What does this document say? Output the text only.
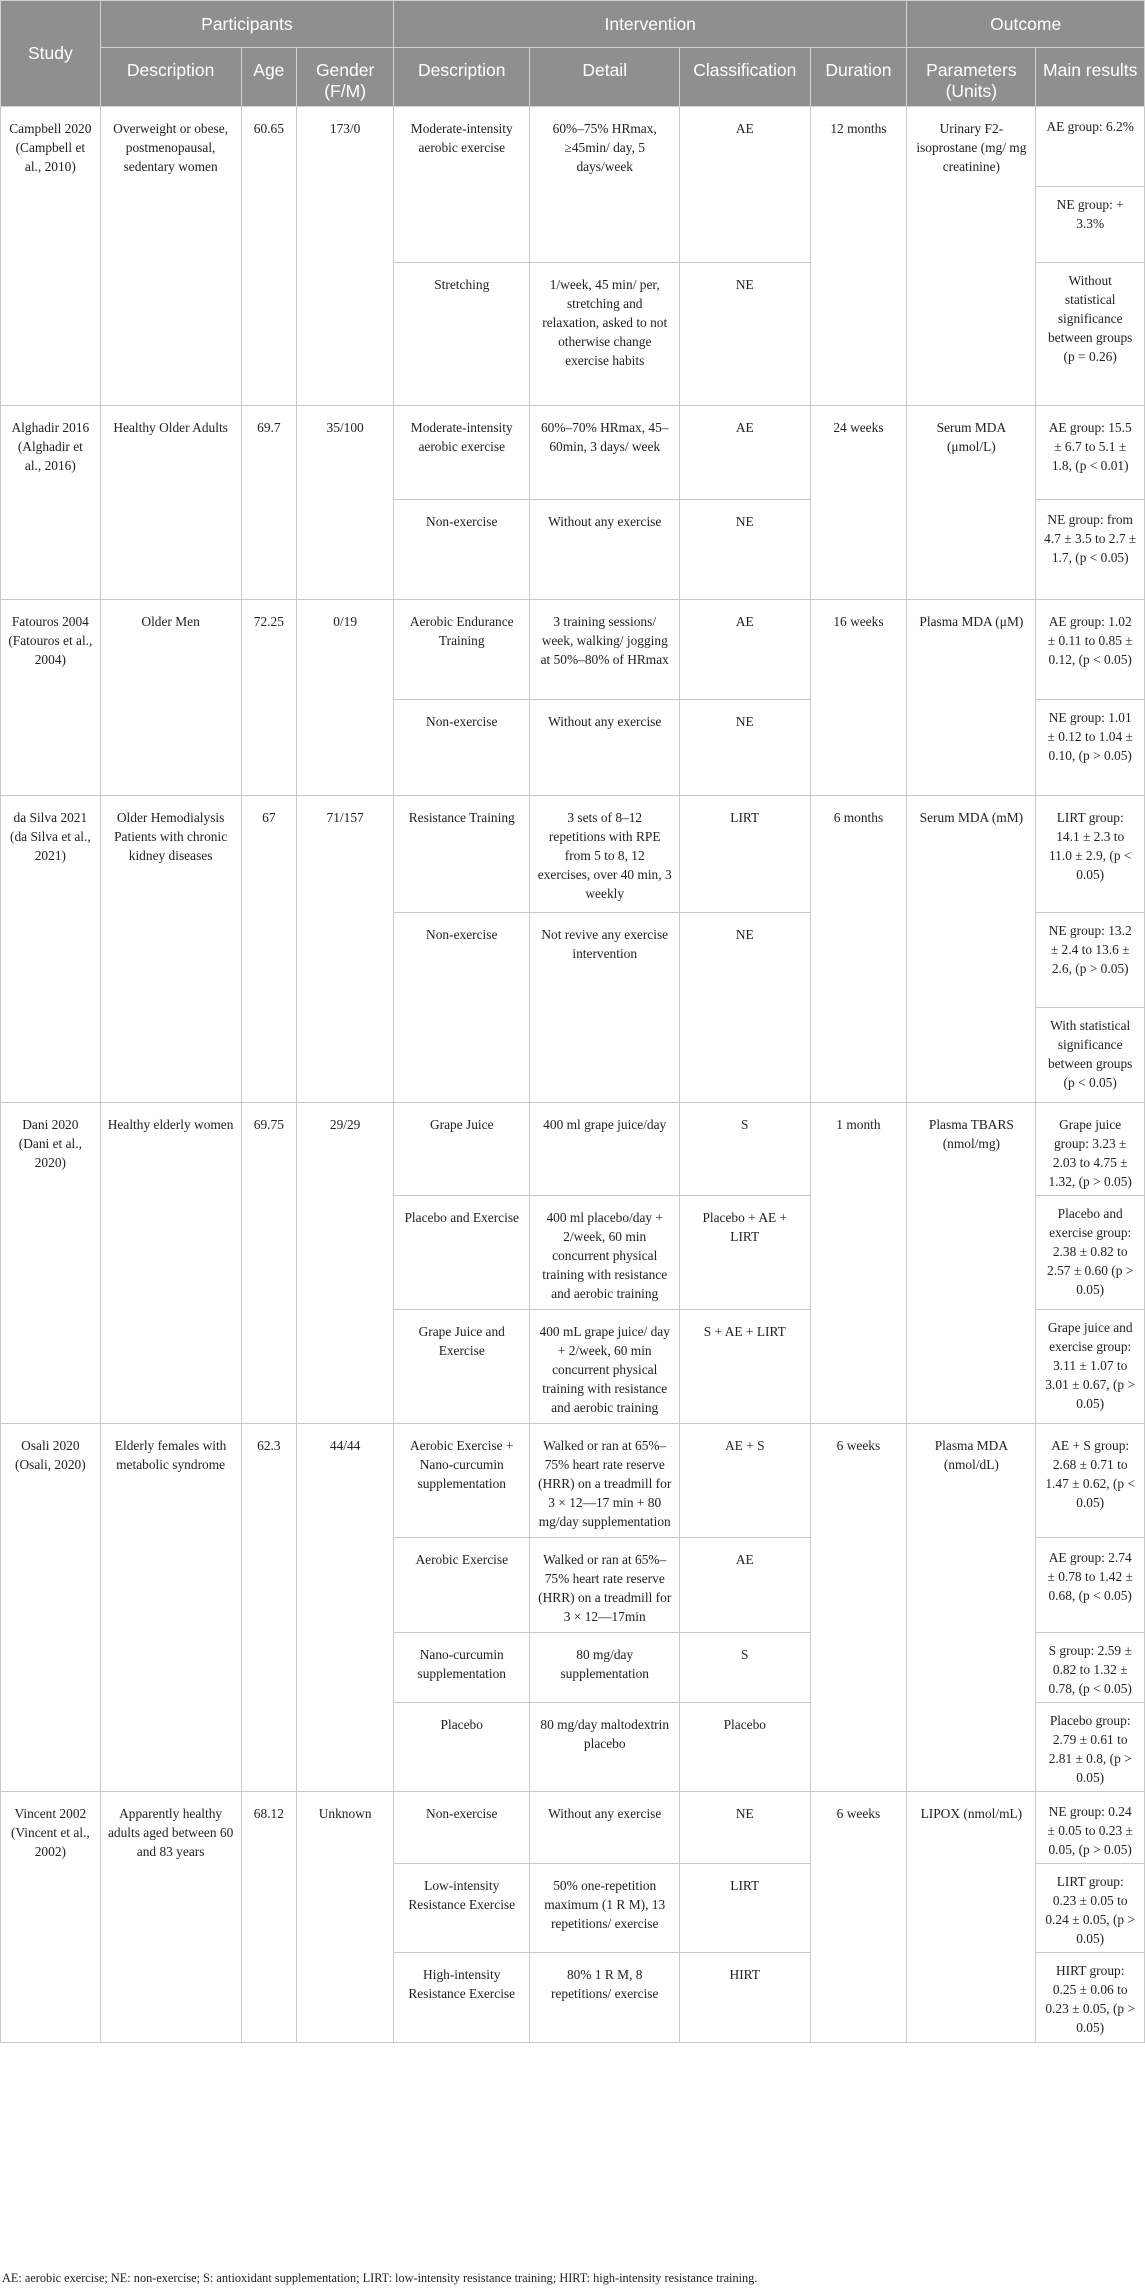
Study	Participants			Intervention				Outcome	
	Description	Age	Gender (F/M)	Description	Detail	Classification	Duration	Parameters (Units)	Main results
Campbell 2020 (Campbell et al., 2010)	Overweight or obese, postmenopausal, sedentary women	60.65	173/0	Moderate-intensity aerobic exercise	60%–75% HRmax, ≥45min/ day, 5 days/week	AE	12 months	Urinary F2-isoprostane (mg/ mg creatinine)	AE group: 6.2%
									NE group: + 3.3%
				Stretching	1/week, 45 min/ per, stretching and relaxation, asked to not otherwise change exercise habits	NE			Without statistical significance between groups (p = 0.26)
Alghadir 2016 (Alghadir et al., 2016)	Healthy Older Adults	69.7	35/100	Moderate-intensity aerobic exercise	60%–70% HRmax, 45–60min, 3 days/ week	AE	24 weeks	Serum MDA (μmol/L)	AE group: 15.5 ± 6.7 to 5.1 ± 1.8, (p < 0.01)
				Non-exercise	Without any exercise	NE			NE group: from 4.7 ± 3.5 to 2.7 ± 1.7, (p < 0.05)
Fatouros 2004 (Fatouros et al., 2004)	Older Men	72.25	0/19	Aerobic Endurance Training	3 training sessions/ week, walking/ jogging at 50%–80% of HRmax	AE	16 weeks	Plasma MDA (μM)	AE group: 1.02 ± 0.11 to 0.85 ± 0.12, (p < 0.05)
				Non-exercise	Without any exercise	NE			NE group: 1.01 ± 0.12 to 1.04 ± 0.10, (p > 0.05)
da Silva 2021 (da Silva et al., 2021)	Older Hemodialysis Patients with chronic kidney diseases	67	71/157	Resistance Training	3 sets of 8–12 repetitions with RPE from 5 to 8, 12 exercises, over 40 min, 3 weekly	LIRT	6 months	Serum MDA (mM)	LIRT group: 14.1 ± 2.3 to 11.0 ± 2.9, (p < 0.05)

				Non-exercise	Not revive any exercise intervention	NE			NE group: 13.2 ± 2.4 to 13.6 ± 2.6, (p > 0.05)
									With statistical significance between groups (p < 0.05)
Dani 2020 (Dani et al., 2020)	Healthy elderly women	69.75	29/29	Grape Juice	400 ml grape juice/day	S	1 month	Plasma TBARS (nmol/mg)	Grape juice group: 3.23 ± 2.03 to 4.75 ± 1.32, (p > 0.05)
				Placebo and Exercise	400 ml placebo/day + 2/week, 60 min concurrent physical training with resistance and aerobic training	Placebo + AE + LIRT			Placebo and exercise group: 2.38 ± 0.82 to 2.57 ± 0.60 (p > 0.05)
				Grape Juice and Exercise	400 mL grape juice/ day + 2/week, 60 min concurrent physical training with resistance and aerobic training	S + AE + LIRT			Grape juice and exercise group: 3.11 ± 1.07 to 3.01 ± 0.67, (p > 0.05)
Osali 2020 (Osali, 2020)	Elderly females with metabolic syndrome	62.3	44/44	Aerobic Exercise + Nano-curcumin supplementation	Walked or ran at 65%–75% heart rate reserve (HRR) on a treadmill for 3 × 12—17 min + 80 mg/day supplementation	AE + S	6 weeks	Plasma MDA (nmol/dL)	AE + S group: 2.68 ± 0.71 to 1.47 ± 0.62, (p < 0.05)
				Aerobic Exercise	Walked or ran at 65%–75% heart rate reserve (HRR) on a treadmill for 3 × 12—17min	AE			AE group: 2.74 ± 0.78 to 1.42 ± 0.68, (p < 0.05)
				Nano-curcumin supplementation	80 mg/day supplementation	S			S group: 2.59 ± 0.82 to 1.32 ± 0.78, (p < 0.05)
				Placebo	80 mg/day maltodextrin placebo	Placebo			Placebo group: 2.79 ± 0.61 to 2.81 ± 0.8, (p > 0.05)
Vincent 2002 (Vincent et al., 2002)	Apparently healthy adults aged between 60 and 83 years	68.12	Unknown	Non-exercise	Without any exercise	NE	6 weeks	LIPOX (nmol/mL)	NE group: 0.24 ± 0.05 to 0.23 ± 0.05, (p > 0.05)
				Low-intensity Resistance Exercise	50% one-repetition maximum (1 R M), 13 repetitions/ exercise	LIRT			LIRT group: 0.23 ± 0.05 to 0.24 ± 0.05, (p > 0.05)
				High-intensity Resistance Exercise	80% 1 R M, 8 repetitions/ exercise	HIRT			HIRT group: 0.25 ± 0.06 to 0.23 ± 0.05, (p > 0.05)
AE: aerobic exercise; NE: non-exercise; S: antioxidant supplementation; LIRT: low-intensity resistance training; HIRT: high-intensity resistance training.
